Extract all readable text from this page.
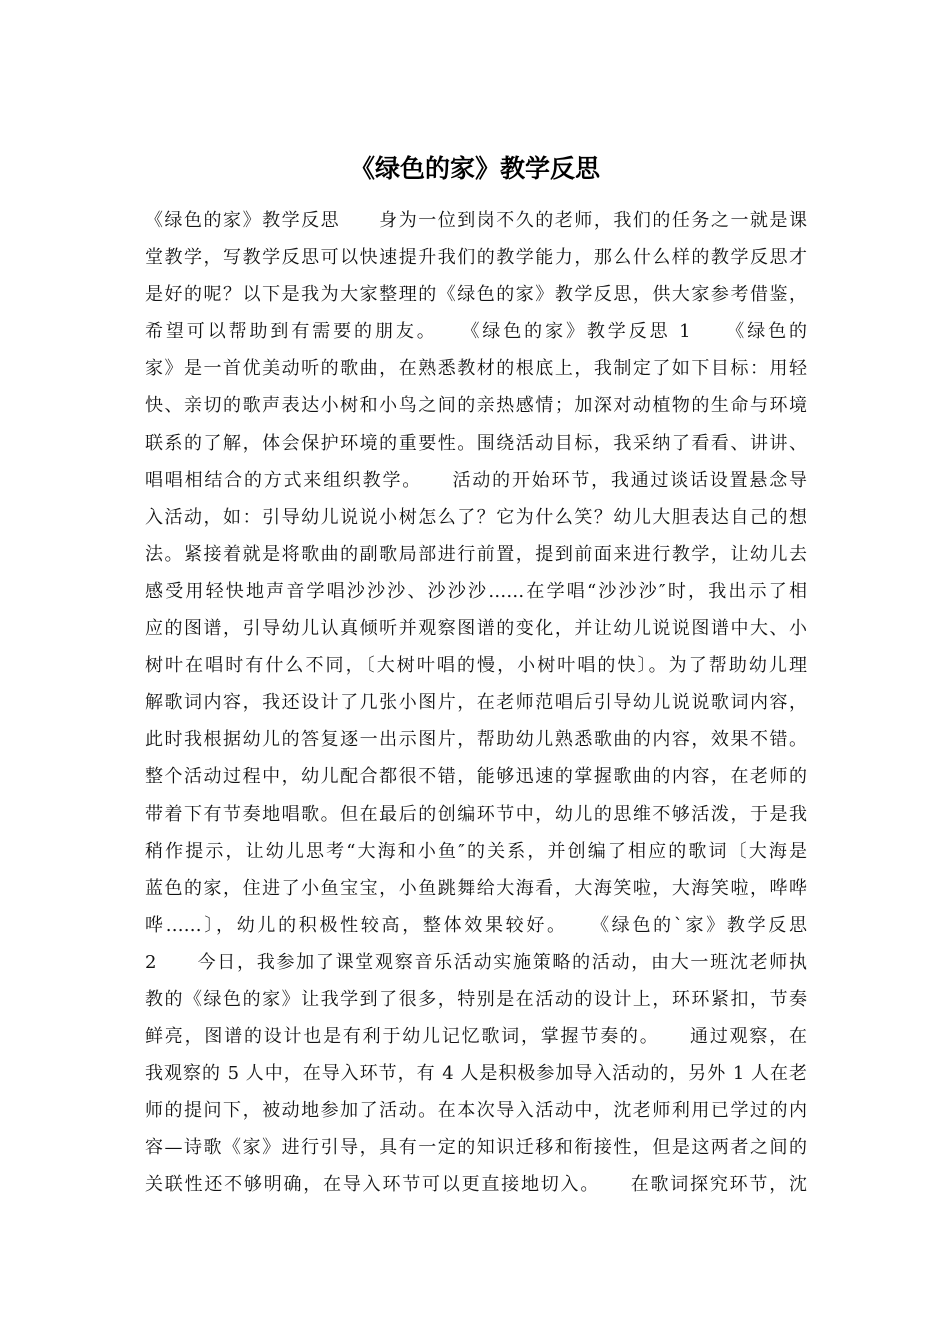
《绿色的家》教学反思
《绿色的家》教学反思　　身为一位到岗不久的老师，我们的任务之一就是课
堂教学，写教学反思可以快速提升我们的教学能力，那么什么样的教学反思才
是好的呢？以下是我为大家整理的《绿色的家》教学反思，供大家参考借鉴，
希望可以帮助到有需要的朋友。　　《绿色的家》教学反思 1　　《绿色的
家》是一首优美动听的歌曲，在熟悉教材的根底上，我制定了如下目标：用轻
快、亲切的歌声表达小树和小鸟之间的亲热感情；加深对动植物的生命与环境
联系的了解，体会保护环境的重要性。围绕活动目标，我采纳了看看、讲讲、
唱唱相结合的方式来组织教学。　　活动的开始环节，我通过谈话设置悬念导
入活动，如：引导幼儿说说小树怎么了？它为什么笑？幼儿大胆表达自己的想
法。紧接着就是将歌曲的副歌局部进行前置，提到前面来进行教学，让幼儿去
感受用轻快地声音学唱沙沙沙、沙沙沙……在学唱“沙沙沙″时，我出示了相
应的图谱，引导幼儿认真倾听并观察图谱的变化，并让幼儿说说图谱中大、小
树叶在唱时有什么不同，〔大树叶唱的慢，小树叶唱的快〕。为了帮助幼儿理
解歌词内容，我还设计了几张小图片，在老师范唱后引导幼儿说说歌词内容，
此时我根据幼儿的答复逐一出示图片，帮助幼儿熟悉歌曲的内容，效果不错。
整个活动过程中，幼儿配合都很不错，能够迅速的掌握歌曲的内容，在老师的
带着下有节奏地唱歌。但在最后的创编环节中，幼儿的思维不够活泼，于是我
稍作提示，让幼儿思考“大海和小鱼″的关系，并创编了相应的歌词〔大海是
蓝色的家，住进了小鱼宝宝，小鱼跳舞给大海看，大海笑啦，大海笑啦，哗哗
哗……〕，幼儿的积极性较高，整体效果较好。　　《绿色的`家》教学反思
2　　今日，我参加了课堂观察音乐活动实施策略的活动，由大一班沈老师执
教的《绿色的家》让我学到了很多，特别是在活动的设计上，环环紧扣，节奏
鲜亮，图谱的设计也是有利于幼儿记忆歌词，掌握节奏的。　　通过观察，在
我观察的 5 人中，在导入环节，有 4 人是积极参加导入活动的，另外 1 人在老
师的提问下，被动地参加了活动。在本次导入活动中，沈老师利用已学过的内
容—诗歌《家》进行引导，具有一定的知识迁移和衔接性，但是这两者之间的
关联性还不够明确，在导入环节可以更直接地切入。　　在歌词探究环节，沈
